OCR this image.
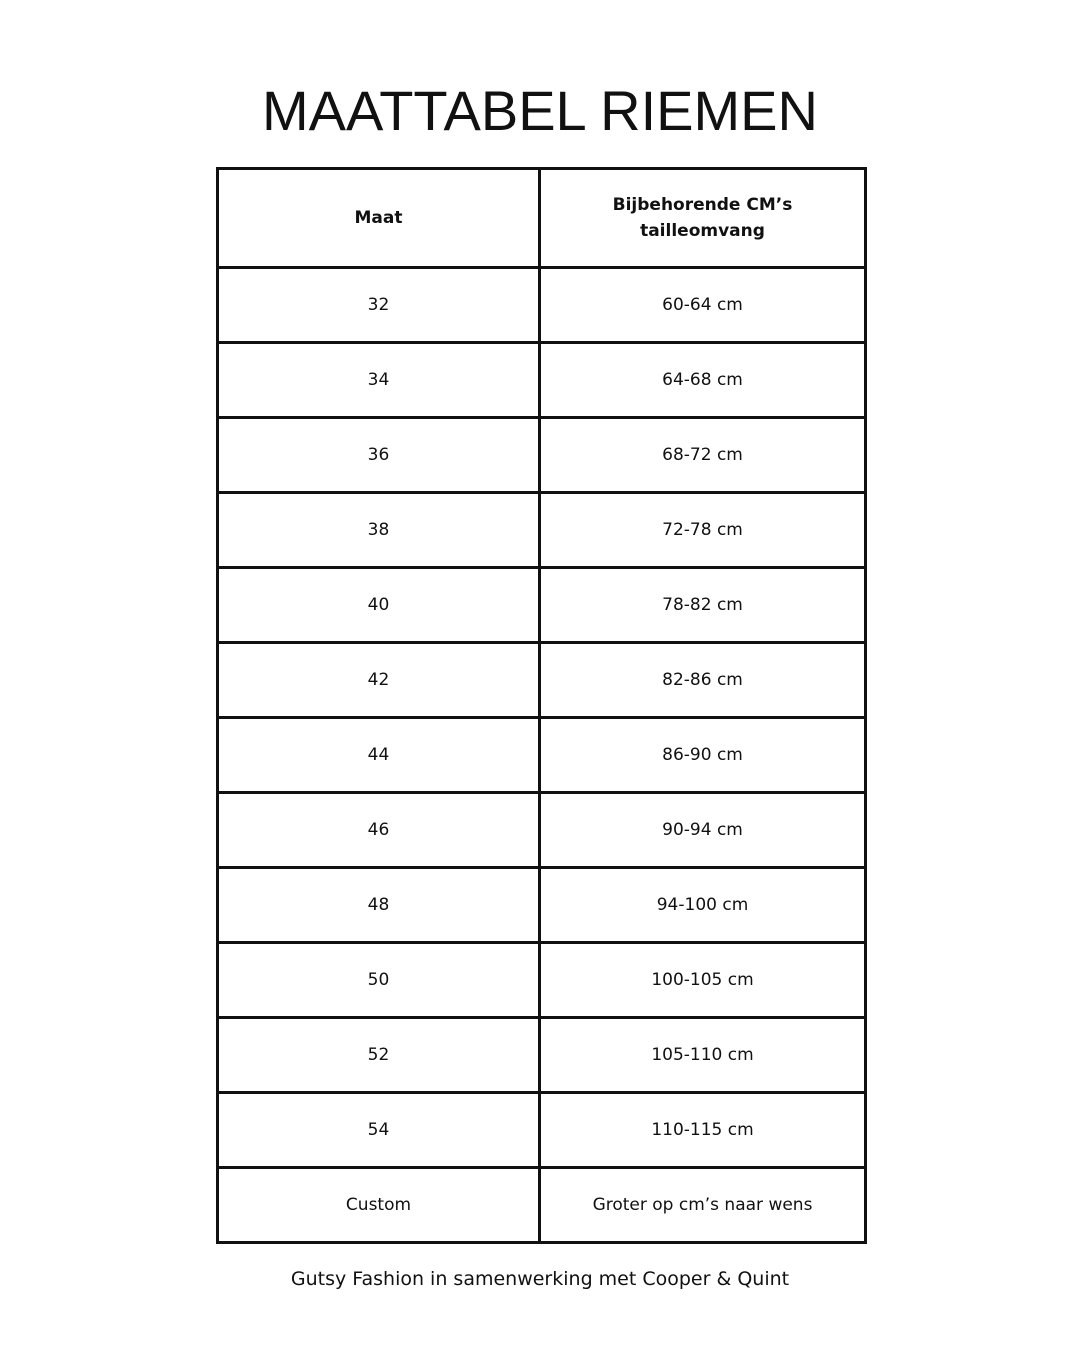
MAATTABEL RIEMEN
Maat	Bijbehorende CM’s
tailleomvang
32	60-64 cm
34	64-68 cm
36	68-72 cm
38	72-78 cm
40	78-82 cm
42	82-86 cm
44	86-90 cm
46	90-94 cm
48	94-100 cm
50	100-105 cm
52	105-110 cm
54	110-115 cm
Custom	Groter op cm’s naar wens
Gutsy Fashion in samenwerking met Cooper & Quint
